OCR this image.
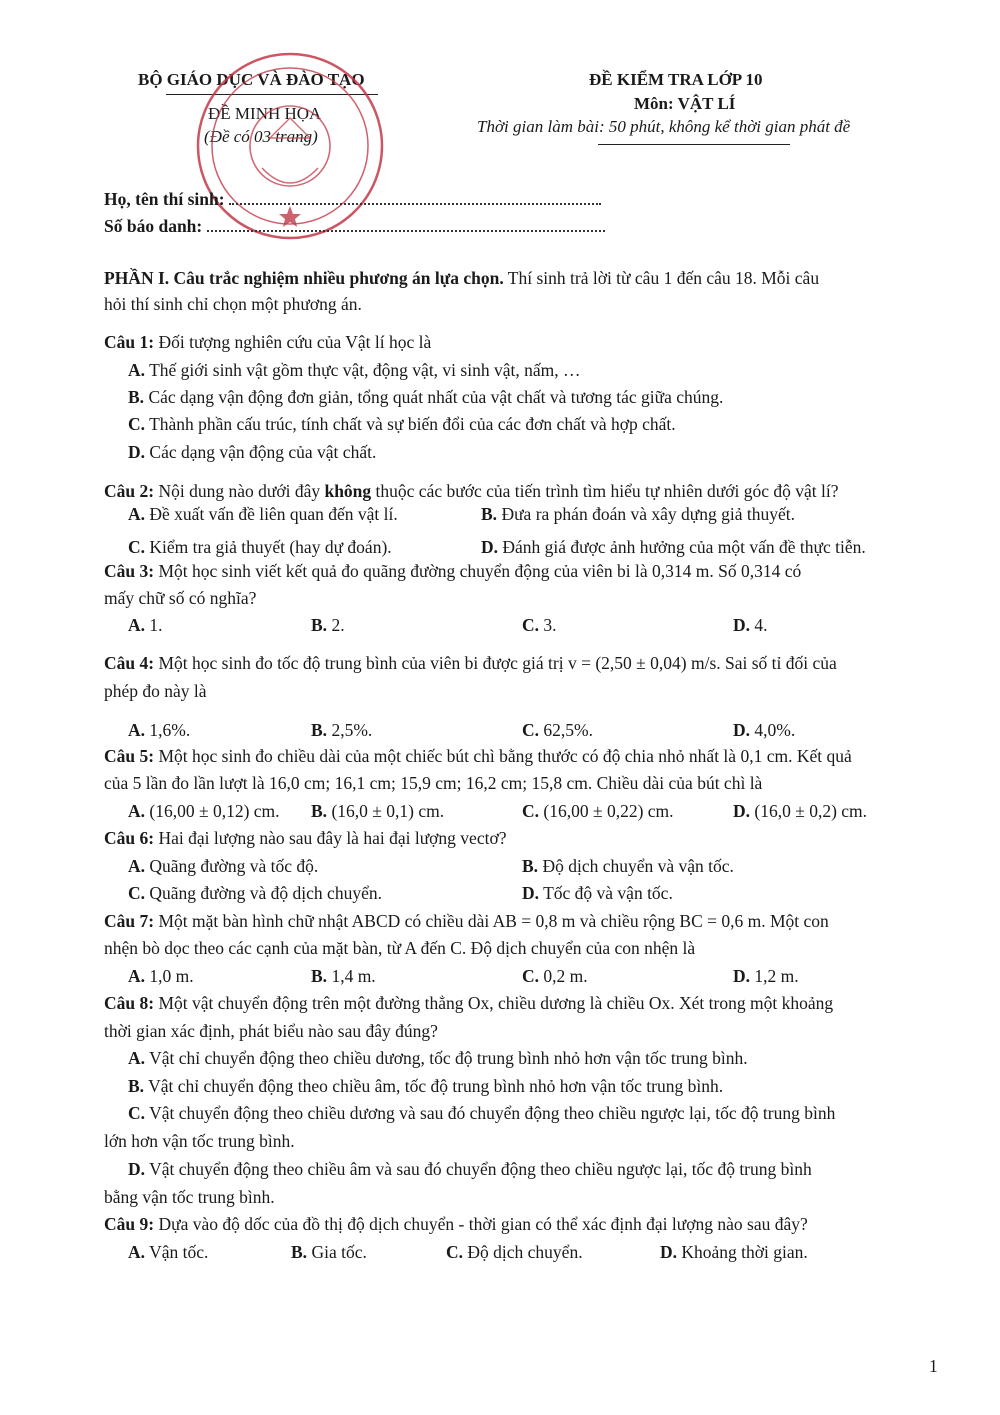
BỘ GIÁO DỤC VÀ ĐÀO TẠO
ĐỀ MINH HỌA
(Đề có 03 trang)
ĐỀ KIỂM TRA LỚP 10
Môn: VẬT LÍ
Thời gian làm bài: 50 phút, không kể thời gian phát đề
Họ, tên thí sinh:
Số báo danh:
PHẦN I. Câu trắc nghiệm nhiều phương án lựa chọn. Thí sinh trả lời từ câu 1 đến câu 18. Mỗi câu
hỏi thí sinh chỉ chọn một phương án.
Câu 1: Đối tượng nghiên cứu của Vật lí học là
A. Thế giới sinh vật gồm thực vật, động vật, vi sinh vật, nấm, …
B. Các dạng vận động đơn giản, tổng quát nhất của vật chất và tương tác giữa chúng.
C. Thành phần cấu trúc, tính chất và sự biến đổi của các đơn chất và hợp chất.
D. Các dạng vận động của vật chất.
Câu 2: Nội dung nào dưới đây không thuộc các bước của tiến trình tìm hiểu tự nhiên dưới góc độ vật lí?
A. Đề xuất vấn đề liên quan đến vật lí.	B. Đưa ra phán đoán và xây dựng giả thuyết.
C. Kiểm tra giả thuyết (hay dự đoán).	D. Đánh giá được ảnh hưởng của một vấn đề thực tiễn.
Câu 3: Một học sinh viết kết quả đo quãng đường chuyển động của viên bi là 0,314 m. Số 0,314 có
mấy chữ số có nghĩa?
A. 1.	B. 2.	C. 3.	D. 4.
Câu 4: Một học sinh đo tốc độ trung bình của viên bi được giá trị v = (2,50 ± 0,04) m/s. Sai số tỉ đối của
phép đo này là
A. 1,6%.	B. 2,5%.	C. 62,5%.	D. 4,0%.
Câu 5: Một học sinh đo chiều dài của một chiếc bút chì bằng thước có độ chia nhỏ nhất là 0,1 cm. Kết quả
của 5 lần đo lần lượt là 16,0 cm; 16,1 cm; 15,9 cm; 16,2 cm; 15,8 cm. Chiều dài của bút chì là
A. (16,00 ± 0,12) cm. B. (16,0 ± 0,1) cm.	C. (16,00 ± 0,22) cm.	D. (16,0 ± 0,2) cm.
Câu 6: Hai đại lượng nào sau đây là hai đại lượng vectơ?
A. Quãng đường và tốc độ.	B. Độ dịch chuyển và vận tốc.
C. Quãng đường và độ dịch chuyển.	D. Tốc độ và vận tốc.
Câu 7: Một mặt bàn hình chữ nhật ABCD có chiều dài AB = 0,8 m và chiều rộng BC = 0,6 m. Một con
nhện bò dọc theo các cạnh của mặt bàn, từ A đến C. Độ dịch chuyển của con nhện là
A. 1,0 m.	B. 1,4 m.	C. 0,2 m.	D. 1,2 m.
Câu 8: Một vật chuyển động trên một đường thẳng Ox, chiều dương là chiều Ox. Xét trong một khoảng
thời gian xác định, phát biểu nào sau đây đúng?
A. Vật chỉ chuyển động theo chiều dương, tốc độ trung bình nhỏ hơn vận tốc trung bình.
B. Vật chỉ chuyển động theo chiều âm, tốc độ trung bình nhỏ hơn vận tốc trung bình.
C. Vật chuyển động theo chiều dương và sau đó chuyển động theo chiều ngược lại, tốc độ trung bình
lớn hơn vận tốc trung bình.
D. Vật chuyển động theo chiều âm và sau đó chuyển động theo chiều ngược lại, tốc độ trung bình
bằng vận tốc trung bình.
Câu 9: Dựa vào độ dốc của đồ thị độ dịch chuyển - thời gian có thể xác định đại lượng nào sau đây?
A. Vận tốc.	B. Gia tốc.	C. Độ dịch chuyển.	D. Khoảng thời gian.
1
